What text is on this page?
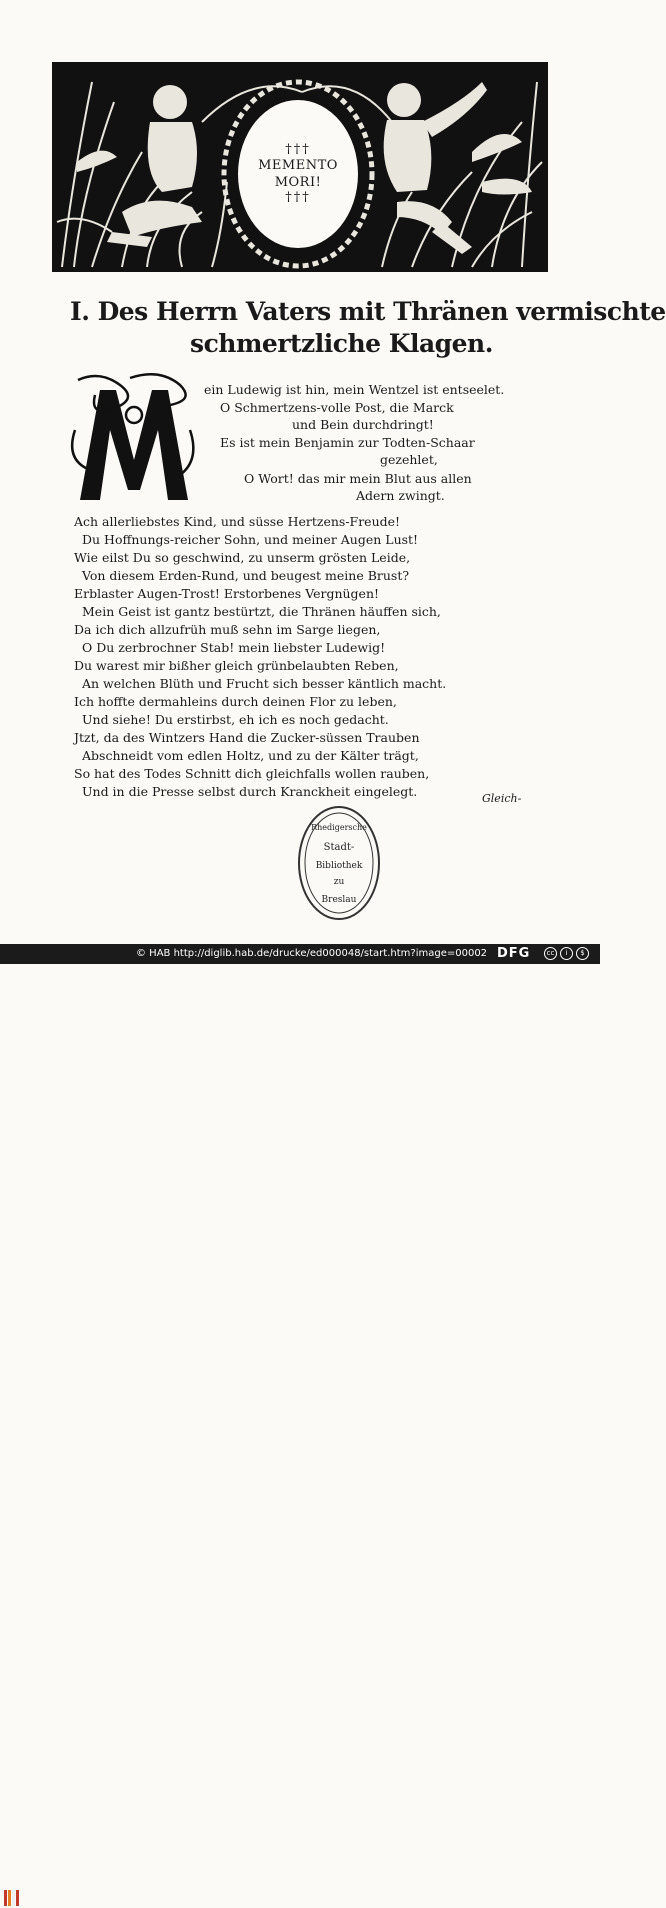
†††
MEMENTO
MORI!
†††
I. Des Herrn Vaters mit Thränen vermischte
schmertzliche Klagen.
ein Ludewig ist hin, mein Wentzel ist entseelet.
O Schmertzens-volle Post, die Marck
und Bein durchdringt!
Es ist mein Benjamin zur Todten-Schaar
gezehlet,
O Wort! das mir mein Blut aus allen
Adern zwingt.
Ach allerliebstes Kind, und süsse Hertzens-Freude!
Du Hoffnungs-reicher Sohn, und meiner Augen Lust!
Wie eilst Du so geschwind, zu unserm grösten Leide,
Von diesem Erden-Rund, und beugest meine Brust?
Erblaster Augen-Trost! Erstorbenes Vergnügen!
Mein Geist ist gantz bestürtzt, die Thränen häuffen sich,
Da ich dich allzufrüh muß sehn im Sarge liegen,
O Du zerbrochner Stab! mein liebster Ludewig!
Du warest mir bißher gleich grünbelaubten Reben,
An welchen Blüth und Frucht sich besser käntlich macht.
Ich hoffte dermahleins durch deinen Flor zu leben,
Und siehe! Du erstirbst, eh ich es noch gedacht.
Jtzt, da des Wintzers Hand die Zucker-süssen Trauben
Abschneidt vom edlen Holtz, und zu der Kälter trägt,
So hat des Todes Schnitt dich gleichfalls wollen rauben,
Und in die Presse selbst durch Kranckheit eingelegt.	Gleich-
Rhedigersche
Stadt-
Bibliothek
zu
Breslau
© HAB http://diglib.hab.de/drucke/ed000048/start.htm?image=00002 DFG	cc	i	$
